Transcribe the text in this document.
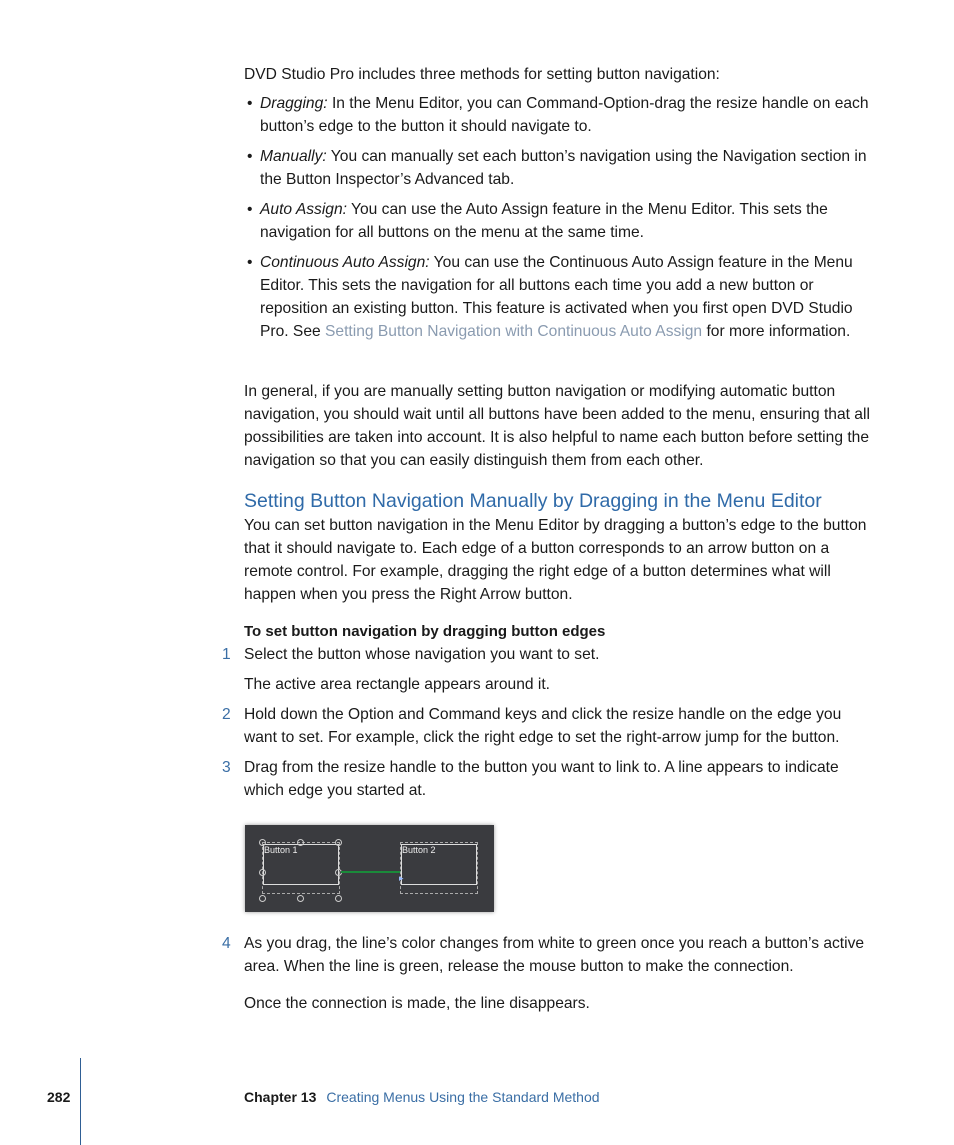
DVD Studio Pro includes three methods for setting button navigation:
• Dragging: In the Menu Editor, you can Command-Option-drag the resize handle on each button’s edge to the button it should navigate to.
• Manually: You can manually set each button’s navigation using the Navigation section in the Button Inspector’s Advanced tab.
• Auto Assign: You can use the Auto Assign feature in the Menu Editor. This sets the navigation for all buttons on the menu at the same time.
• Continuous Auto Assign: You can use the Continuous Auto Assign feature in the Menu Editor. This sets the navigation for all buttons each time you add a new button or reposition an existing button. This feature is activated when you first open DVD Studio Pro. See Setting Button Navigation with Continuous Auto Assign for more information.
In general, if you are manually setting button navigation or modifying automatic button navigation, you should wait until all buttons have been added to the menu, ensuring that all possibilities are taken into account. It is also helpful to name each button before setting the navigation so that you can easily distinguish them from each other.
Setting Button Navigation Manually by Dragging in the Menu Editor
You can set button navigation in the Menu Editor by dragging a button’s edge to the button that it should navigate to. Each edge of a button corresponds to an arrow button on a remote control. For example, dragging the right edge of a button determines what will happen when you press the Right Arrow button.
To set button navigation by dragging button edges
1 Select the button whose navigation you want to set.
The active area rectangle appears around it.
2 Hold down the Option and Command keys and click the resize handle on the edge you want to set. For example, click the right edge to set the right-arrow jump for the button.
3 Drag from the resize handle to the button you want to link to. A line appears to indicate which edge you started at.
Button 1	Button 2
▸
4 As you drag, the line’s color changes from white to green once you reach a button’s active area. When the line is green, release the mouse button to make the connection.
Once the connection is made, the line disappears.
282	Chapter 13 Creating Menus Using the Standard Method
